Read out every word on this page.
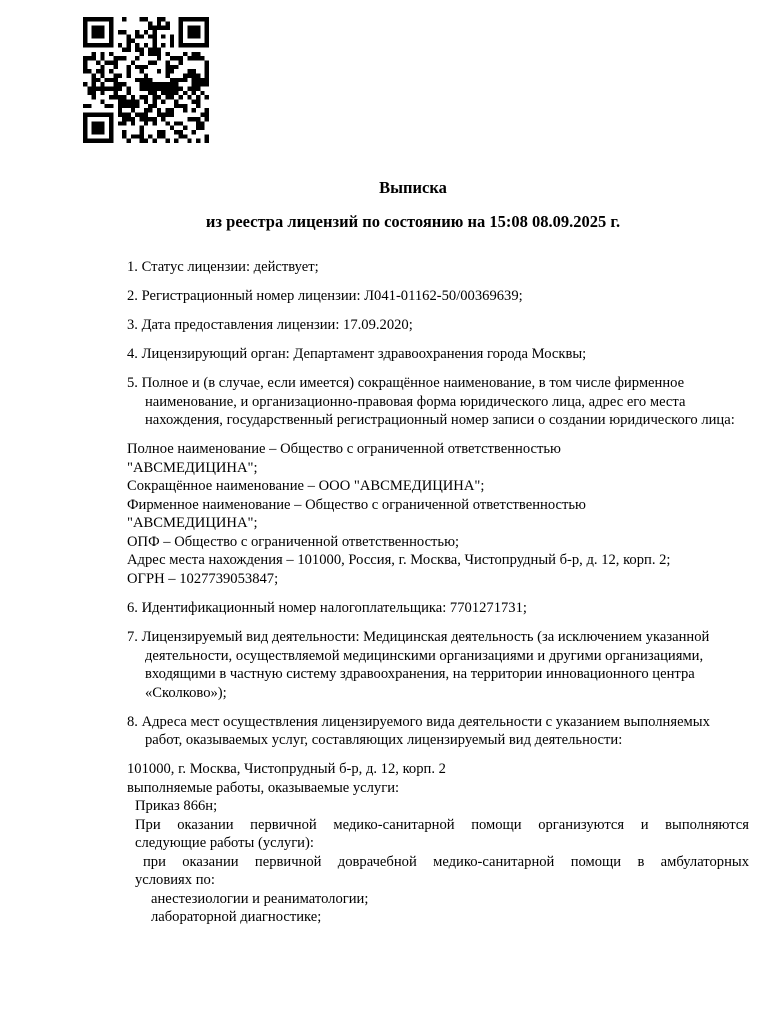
Выписка
из реестра лицензий по состоянию на 15:08 08.09.2025 г.
1. Статус лицензии: действует;
2. Регистрационный номер лицензии: Л041-01162-50/00369639;
3. Дата предоставления лицензии: 17.09.2020;
4. Лицензирующий орган: Департамент здравоохранения города Москвы;
5. Полное и (в случае, если имеется) сокращённое наименование, в том числе фирменное наименование, и организационно-правовая форма юридического лица, адрес его места нахождения, государственный регистрационный номер записи о создании юридического лица:
Полное наименование – Общество с ограниченной ответственностью
"АВСМЕДИЦИНА";
Сокращённое наименование – ООО "АВСМЕДИЦИНА";
Фирменное наименование – Общество с ограниченной ответственностью
"АВСМЕДИЦИНА";
ОПФ – Общество с ограниченной ответственностью;
Адрес места нахождения – 101000, Россия, г. Москва, Чистопрудный б-р, д. 12, корп. 2;
ОГРН – 1027739053847;
6. Идентификационный номер налогоплательщика: 7701271731;
7. Лицензируемый вид деятельности: Медицинская деятельность (за исключением указанной деятельности, осуществляемой медицинскими организациями и другими организациями, входящими в частную систему здравоохранения, на территории инновационного центра «Сколково»);
8. Адреса мест осуществления лицензируемого вида деятельности с указанием выполняемых работ, оказываемых услуг, составляющих лицензируемый вид деятельности:
101000, г. Москва, Чистопрудный б-р, д. 12, корп. 2
выполняемые работы, оказываемые услуги:
Приказ 866н;
При оказании первичной медико-санитарной помощи организуются и выполняются
следующие работы (услуги):
при оказании первичной доврачебной медико-санитарной помощи в амбулаторных
условиях по:
анестезиологии и реаниматологии;
лабораторной диагностике;
